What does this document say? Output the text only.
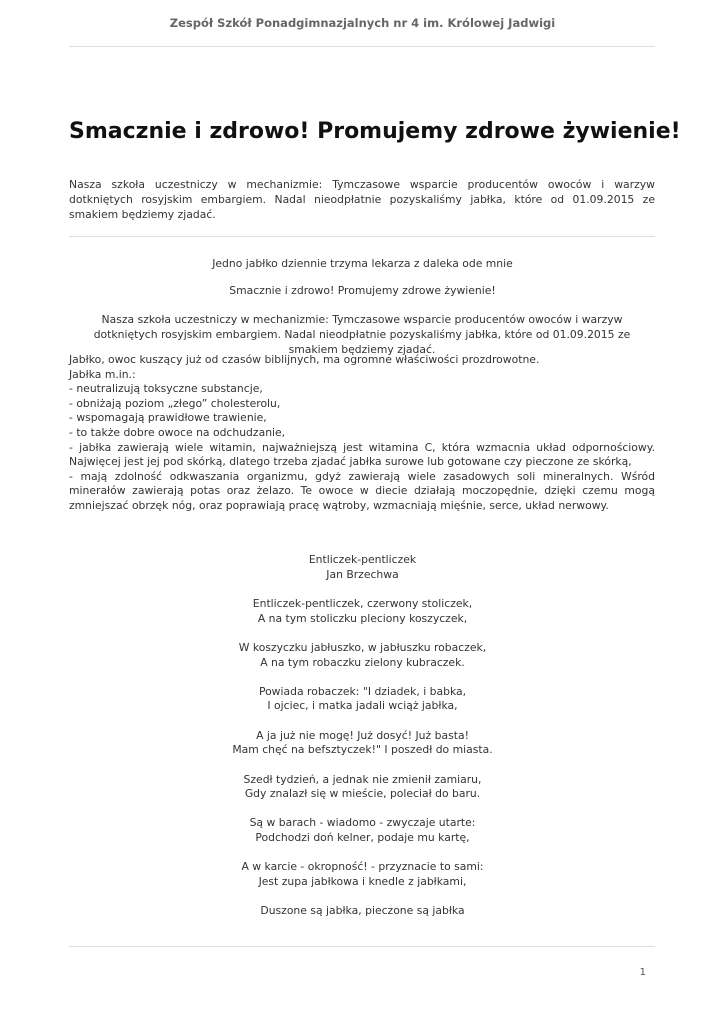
Zespół Szkół Ponadgimnazjalnych nr 4 im. Królowej Jadwigi
Smacznie i zdrowo! Promujemy zdrowe żywienie!

Nasza szkoła uczestniczy w mechanizmie: Tymczasowe wsparcie producentów owoców i warzyw dotkniętych rosyjskim embargiem. Nadal nieodpłatnie pozyskaliśmy jabłka, które od 01.09.2015 ze smakiem będziemy zjadać.

Jedno jabłko dziennie trzyma lekarza z daleka ode mnie
Smacznie i zdrowo! Promujemy zdrowe żywienie!

Nasza szkoła uczestniczy w mechanizmie: Tymczasowe wsparcie producentów owoców i warzyw dotkniętych rosyjskim embargiem. Nadal nieodpłatnie pozyskaliśmy jabłka, które od 01.09.2015 ze smakiem będziemy zjadać.

Jabłko, owoc kuszący już od czasów biblijnych, ma ogromne właściwości prozdrowotne.
Jabłka m.in.:
- neutralizują toksyczne substancje,
- obniżają poziom „złego” cholesterolu,
- wspomagają prawidłowe trawienie,
- to także dobre owoce na odchudzanie,
- jabłka zawierają wiele witamin, najważniejszą jest witamina C, która wzmacnia układ odpornościowy. Najwięcej jest jej pod skórką, dlatego trzeba zjadać jabłka surowe lub gotowane czy pieczone ze skórką,
- mają zdolność odkwaszania organizmu, gdyż zawierają wiele zasadowych soli mineralnych. Wśród minerałów zawierają potas oraz żelazo. Te owoce w diecie działają moczopędnie, dzięki czemu mogą zmniejszać obrzęk nóg, oraz poprawiają pracę wątroby, wzmacniają mięśnie, serce, układ nerwowy.
Entliczek-pentliczek
Jan Brzechwa
Entliczek-pentliczek, czerwony stoliczek,
A na tym stoliczku pleciony koszyczek,
W koszyczku jabłuszko, w jabłuszku robaczek,
A na tym robaczku zielony kubraczek.
Powiada robaczek: "I dziadek, i babka,
I ojciec, i matka jadali wciąż jabłka,
A ja już nie mogę! Już dosyć! Już basta!
Mam chęć na befsztyczek!" I poszedł do miasta.
Szedł tydzień, a jednak nie zmienił zamiaru,
Gdy znalazł się w mieście, poleciał do baru.
Są w barach - wiadomo - zwyczaje utarte:
Podchodzi doń kelner, podaje mu kartę,
A w karcie - okropność! - przyznacie to sami:
Jest zupa jabłkowa i knedle z jabłkami,
Duszone są jabłka, pieczone są jabłka
1
